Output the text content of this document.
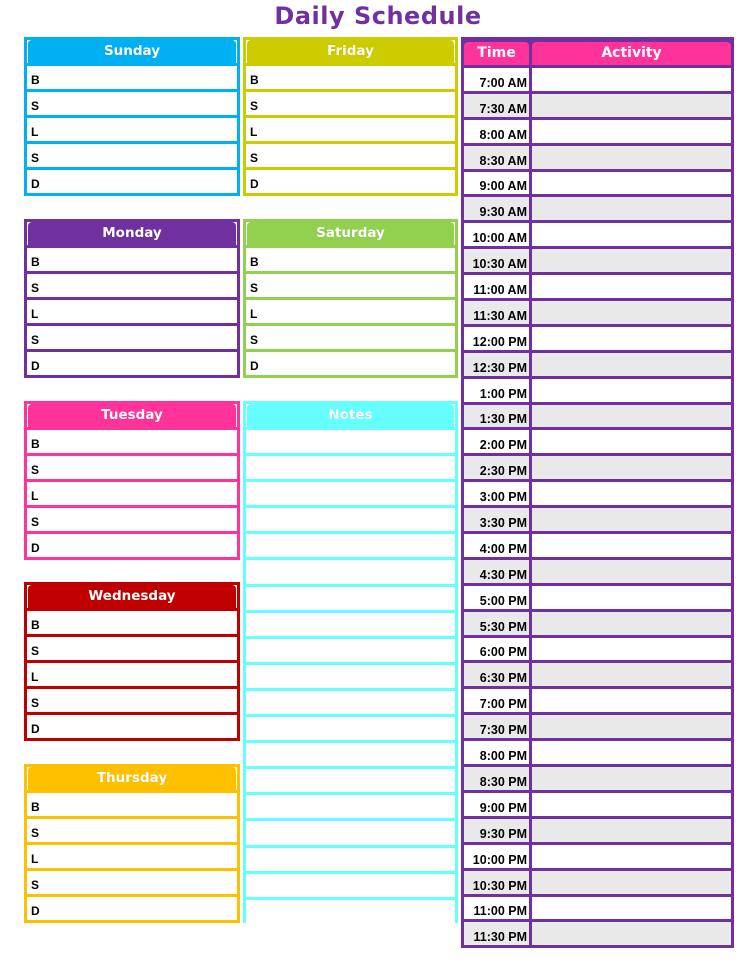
Daily Schedule
Sunday
B
S
L
S
D
Friday
B
S
L
S
D
Monday
B
S
L
S
D
Saturday
B
S
L
S
D
Tuesday
B
S
L
S
D
Wednesday
B
S
L
S
D
Thursday
B
S
L
S
D
Notes
Time	Activity
7:00 AM
7:30 AM
8:00 AM
8:30 AM
9:00 AM
9:30 AM
10:00 AM
10:30 AM
11:00 AM
11:30 AM
12:00 PM
12:30 PM
1:00 PM
1:30 PM
2:00 PM
2:30 PM
3:00 PM
3:30 PM
4:00 PM
4:30 PM
5:00 PM
5:30 PM
6:00 PM
6:30 PM
7:00 PM
7:30 PM
8:00 PM
8:30 PM
9:00 PM
9:30 PM
10:00 PM
10:30 PM
11:00 PM
11:30 PM
